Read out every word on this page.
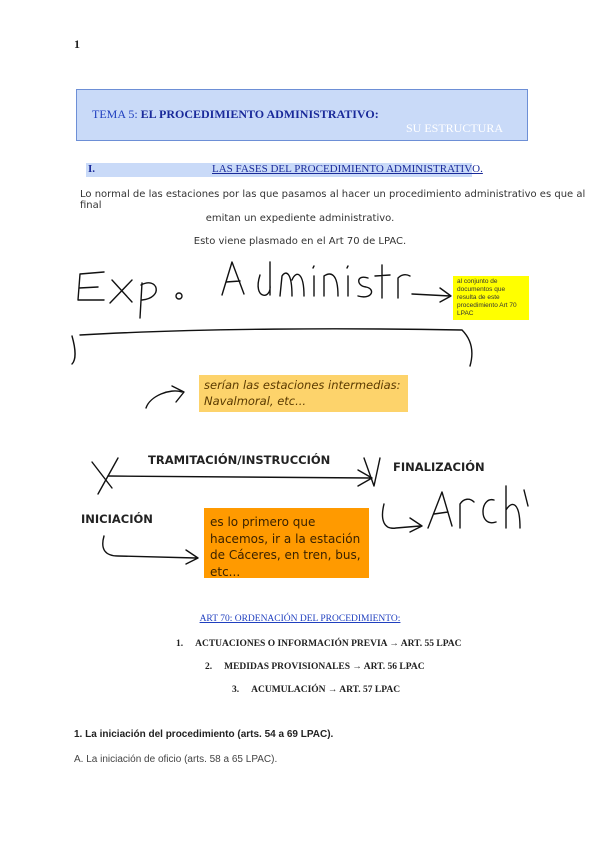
1
TEMA 5: EL PROCEDIMIENTO ADMINISTRATIVO:
SU ESTRUCTURA
I.	LAS FASES DEL PROCEDIMIENTO ADMINISTRATIVO.
Lo normal de las estaciones por las que pasamos al hacer un procedimiento administrativo es que al final
emitan un expediente administrativo.
Esto viene plasmado en el Art 70 de LPAC.
al conjunto de documentos que resulta de este procedimiento Art 70 LPAC
serían las estaciones intermedias: Navalmoral, etc...
TRAMITACIÓN/INSTRUCCIÓN	FINALIZACIÓN
INICIACIÓN	es lo primero que hacemos, ir a la estación de Cáceres, en tren, bus, etc...
ART 70: ORDENACIÓN DEL PROCEDIMIENTO:
1. ACTUACIONES O INFORMACIÓN PREVIA → ART. 55 LPAC
2. MEDIDAS PROVISIONALES → ART. 56 LPAC
3. ACUMULACIÓN → ART. 57 LPAC
1. La iniciación del procedimiento (arts. 54 a 69 LPAC).
A. La iniciación de oficio (arts. 58 a 65 LPAC).
